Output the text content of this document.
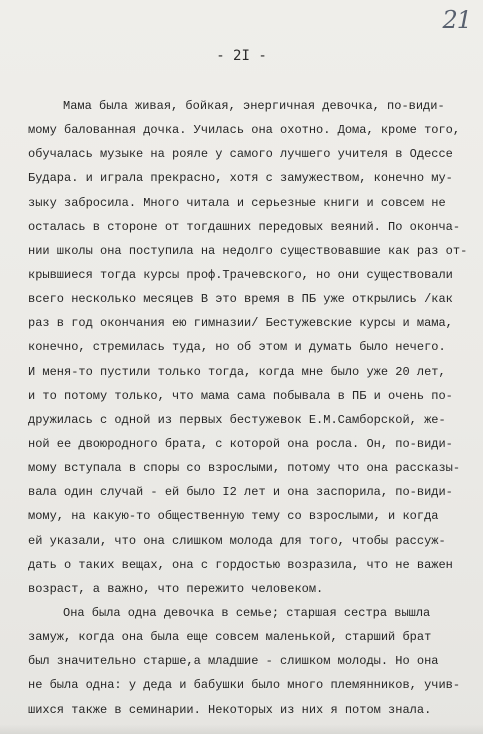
21
- 2I -
Мама была живая, бойкая, энергичная девочка, по-види-
мому балованная дочка. Училась она охотно. Дома, кроме того,
обучалась музыке на рояле у самого лучшего учителя в Одессе
Будара. и играла прекрасно, хотя с замужеством, конечно му-
зыку забросила. Много читала и серьезные книги и совсем не
осталась в стороне от тогдашних передовых веяний. По оконча-
нии школы она поступила на недолго существовавшие как раз от-
крывшиеся тогда курсы проф.Трачевского, но они существовали
всего несколько месяцев В это время в ПБ уже открылись /как
раз в год окончания ею гимназии/ Бестужевские курсы и мама,
конечно, стремилась туда, но об этом и думать было нечего.
И меня-то пустили только тогда, когда мне было уже 20 лет,
и то потому только, что мама сама побывала в ПБ и очень по-
дружилась с одной из первых бестужевок Е.М.Самборской, же-
ной ее двоюродного брата, с которой она росла. Он, по-види-
мому вступала в споры со взрослыми, потому что она рассказы-
вала один случай - ей было I2 лет и она заспорила, по-види-
мому, на какую-то общественную тему со взрослыми, и когда
ей указали, что она слишком молода для того, чтобы рассуж-
дать о таких вещах, она с гордостью возразила, что не важен
возраст, а важно, что пережито человеком.
Она была одна девочка в семье; старшая сестра вышла
замуж, когда она была еще совсем маленькой, старший брат
был значительно старше,а младшие - слишком молоды. Но она
не была одна: у деда и бабушки было много племянников, учив-
шихся также в семинарии. Некоторых из них я потом знала.
